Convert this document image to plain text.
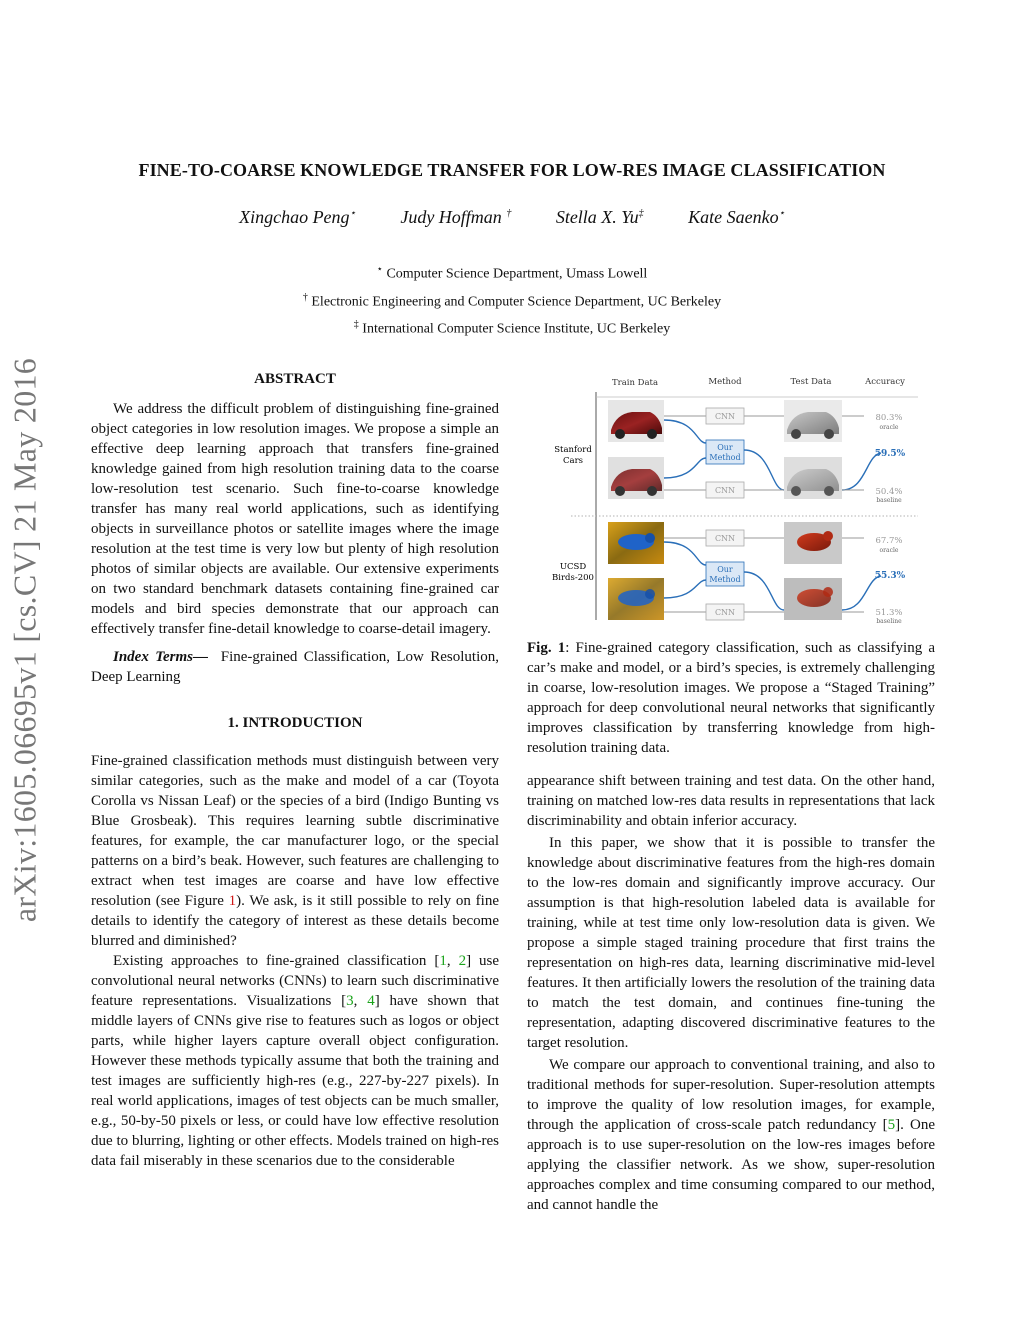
arXiv:1605.06695v1 [cs.CV] 21 May 2016
FINE-TO-COARSE KNOWLEDGE TRANSFER FOR LOW-RES IMAGE CLASSIFICATION
Xingchao Peng⋆ Judy Hoffman † Stella X. Yu‡ Kate Saenko⋆
⋆ Computer Science Department, Umass Lowell
† Electronic Engineering and Computer Science Department, UC Berkeley
‡ International Computer Science Institute, UC Berkeley
ABSTRACT

We address the difficult problem of distinguishing fine-grained object categories in low resolution images. We propose a simple an effective deep learning approach that transfers fine-grained knowledge gained from high resolution training data to the coarse low-resolution test scenario. Such fine-to-coarse knowledge transfer has many real world applications, such as identifying objects in surveillance photos or satellite images where the image resolution at the test time is very low but plenty of high resolution photos of similar objects are available. Our extensive experiments on two standard benchmark datasets containing fine-grained car models and bird species demonstrate that our approach can effectively transfer fine-detail knowledge to coarse-detail imagery.

Index Terms— Fine-grained Classification, Low Resolution, Deep Learning

1. INTRODUCTION

Fine-grained classification methods must distinguish between very similar categories, such as the make and model of a car (Toyota Corolla vs Nissan Leaf) or the species of a bird (Indigo Bunting vs Blue Grosbeak). This requires learning subtle discriminative features, for example, the car manufacturer logo, or the special patterns on a bird’s beak. However, such features are challenging to extract when test images are coarse and have low effective resolution (see Figure 1). We ask, is it still possible to rely on fine details to identify the category of interest as these details become blurred and diminished?

Existing approaches to fine-grained classification [1, 2] use convolutional neural networks (CNNs) to learn such discriminative feature representations. Visualizations [3, 4] have shown that middle layers of CNNs give rise to features such as logos or object parts, while higher layers capture overall object configuration. However these methods typically assume that both the training and test images are sufficiently high-res (e.g., 227-by-227 pixels). In real world applications, images of test objects can be much smaller, e.g., 50-by-50 pixels or less, or could have low effective resolution due to blurring, lighting or other effects. Models trained on high-res data fail miserably in these scenarios due to the considerable

Train Data	Method	Test Data	Accuracy
Stanford
Cars
UCSD
Birds-200
CNN
Our
Method
CNN
80.3%
oracle
59.5%
50.4%
baseline
CNN
Our
Method
CNN
67.7%
oracle
55.3%
51.3%
baseline
Fig. 1: Fine-grained category classification, such as classifying a car’s make and model, or a bird’s species, is extremely challenging in coarse, low-resolution images. We propose a “Staged Training” approach for deep convolutional neural networks that significantly improves classification by transferring knowledge from high-resolution training data.

appearance shift between training and test data. On the other hand, training on matched low-res data results in representations that lack discriminability and obtain inferior accuracy.

In this paper, we show that it is possible to transfer the knowledge about discriminative features from the high-res domain to the low-res domain and significantly improve accuracy. Our assumption is that high-resolution labeled data is available for training, while at test time only low-resolution data is given. We propose a simple staged training procedure that first trains the representation on high-res data, learning discriminative mid-level features. It then artificially lowers the resolution of the training data to match the test domain, and continues fine-tuning the representation, adapting discovered discriminative features to the target resolution.

We compare our approach to conventional training, and also to traditional methods for super-resolution. Super-resolution attempts to improve the quality of low resolution images, for example, through the application of cross-scale patch redundancy [5]. One approach is to use super-resolution on the low-res images before applying the classifier network. As we show, super-resolution approaches complex and time consuming compared to our method, and cannot handle the
